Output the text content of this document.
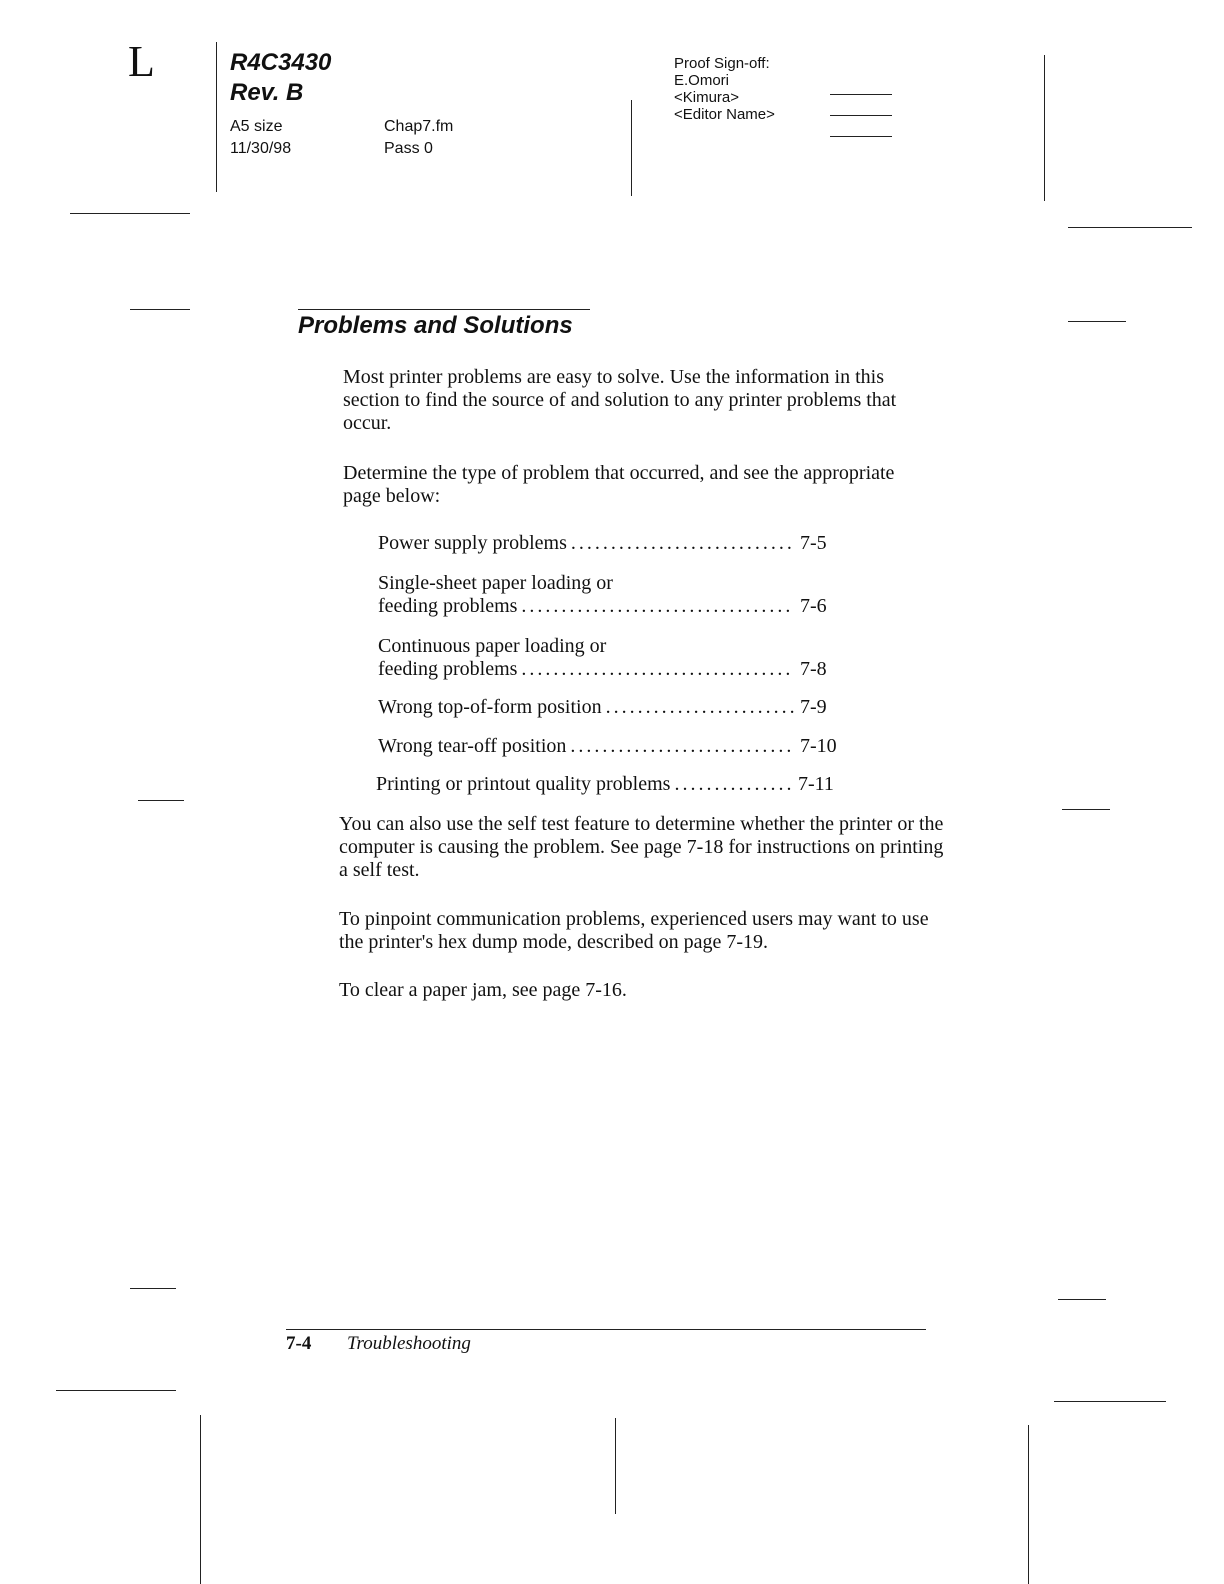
L	R4C3430
Rev. B
A5 size
11/30/98
Chap7.fm
Pass 0
Proof Sign-off:
E.Omori
<Kimura>
<Editor Name>
Problems and Solutions
Most printer problems are easy to solve. Use the information in this section to find the source of and solution to any printer problems that occur.
Determine the type of problem that occurred, and see the appropriate page below:
Power supply problems .....	7-5
Single-sheet paper loading or
feeding problems .....	7-6
Continuous paper loading or
feeding problems .....	7-8
Wrong top-of-form position .....	7-9
Wrong tear-off position .....	7-10
Printing or printout quality problems .....	7-11
You can also use the self test feature to determine whether the printer or the computer is causing the problem. See page 7-18 for instructions on printing a self test.
To pinpoint communication problems, experienced users may want to use the printer's hex dump mode, described on page 7-19.
To clear a paper jam, see page 7-16.
7-4 Troubleshooting
